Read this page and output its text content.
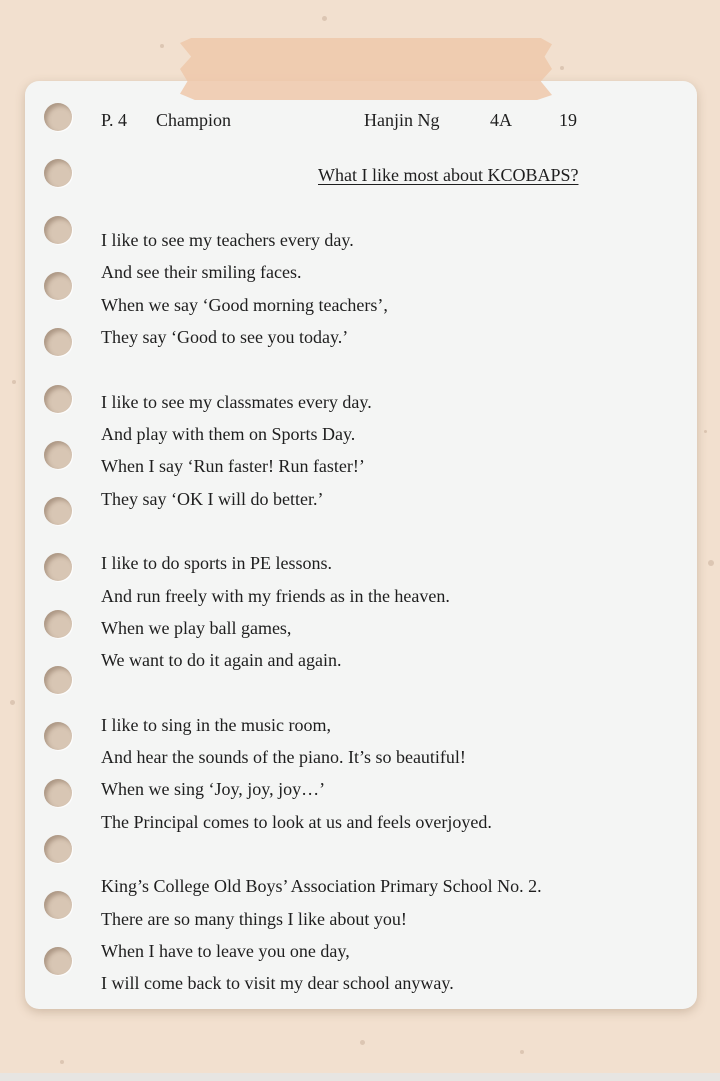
P. 4 Champion	Hanjin Ng	4A	19
What I like most about KCOBAPS?
I like to see my teachers every day.
And see their smiling faces.
When we say ‘Good morning teachers’,
They say ‘Good to see you today.’
I like to see my classmates every day.
And play with them on Sports Day.
When I say ‘Run faster! Run faster!’
They say ‘OK I will do better.’
I like to do sports in PE lessons.
And run freely with my friends as in the heaven.
When we play ball games,
We want to do it again and again.
I like to sing in the music room,
And hear the sounds of the piano. It’s so beautiful!
When we sing ‘Joy, joy, joy…’
The Principal comes to look at us and feels overjoyed.
King’s College Old Boys’ Association Primary School No. 2.
There are so many things I like about you!
When I have to leave you one day,
I will come back to visit my dear school anyway.
